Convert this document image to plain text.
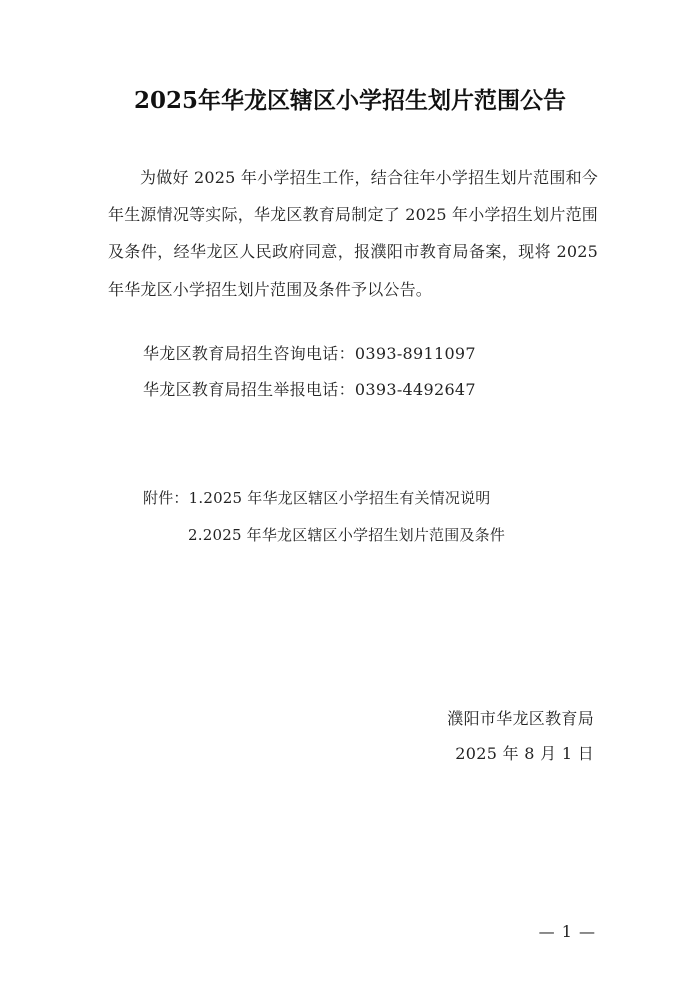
2025年华龙区辖区小学招生划片范围公告

为做好 2025 年小学招生工作，结合往年小学招生划片范围和今年生源情况等实际，华龙区教育局制定了 2025 年小学招生划片范围及条件，经华龙区人民政府同意，报濮阳市教育局备案，现将 2025 年华龙区小学招生划片范围及条件予以公告。

华龙区教育局招生咨询电话：0393-8911097

华龙区教育局招生举报电话：0393-4492647

附件：1.2025 年华龙区辖区小学招生有关情况说明

2.2025 年华龙区辖区小学招生划片范围及条件

濮阳市华龙区教育局

2025 年 8 月 1 日

— 1 —
